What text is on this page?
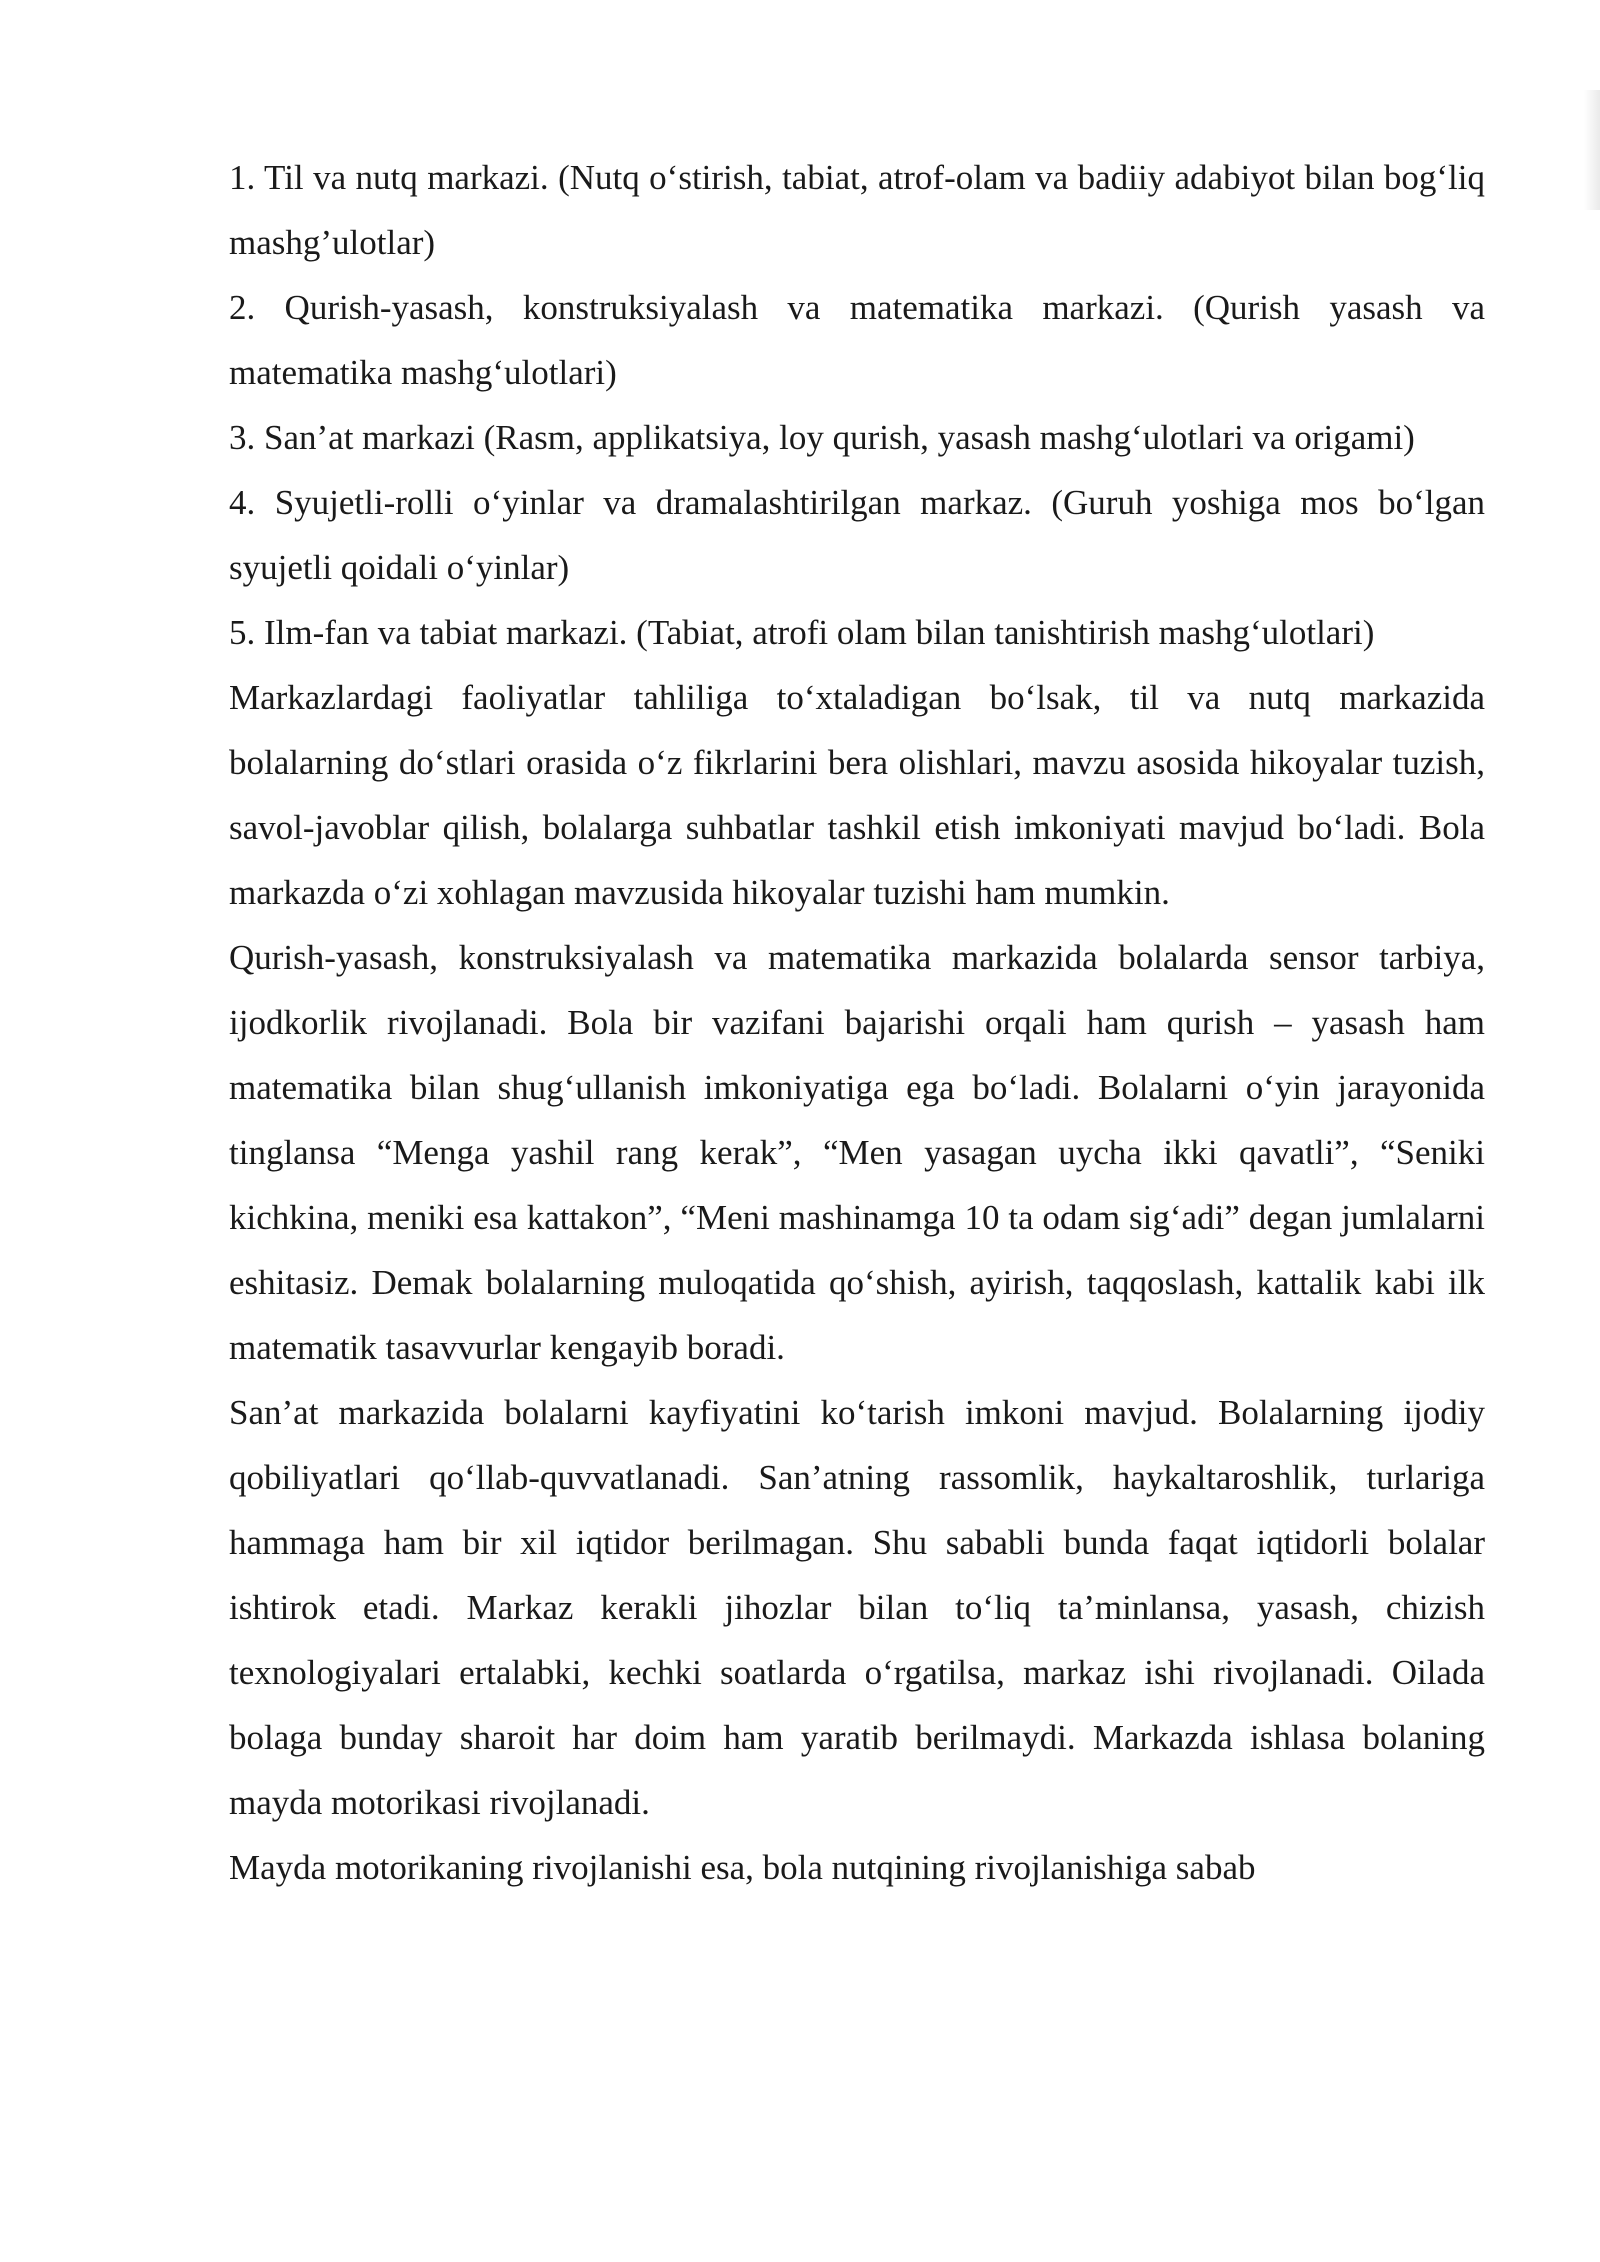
1. Til va nutq markazi. (Nutq o‘stirish, tabiat, atrof-olam va badiiy adabiyot bilan bog‘liq mashg’ulotlar)

2. Qurish-yasash, konstruksiyalash va matematika markazi. (Qurish yasash va matematika mashg‘ulotlari)

3. San’at markazi (Rasm, applikatsiya, loy qurish, yasash mashg‘ulotlari va origami)

4. Syujetli-rolli o‘yinlar va dramalashtirilgan markaz. (Guruh yoshiga mos bo‘lgan syujetli qoidali o‘yinlar)

5. Ilm-fan va tabiat markazi. (Tabiat, atrofi olam bilan tanishtirish mashg‘ulotlari)

Markazlardagi faoliyatlar tahliliga to‘xtaladigan bo‘lsak, til va nutq markazida bolalarning do‘stlari orasida o‘z fikrlarini bera olishlari, mavzu asosida hikoyalar tuzish, savol-javoblar qilish, bolalarga suhbatlar tashkil etish imkoniyati mavjud bo‘ladi. Bola markazda o‘zi xohlagan mavzusida hikoyalar tuzishi ham mumkin.

Qurish-yasash, konstruksiyalash va matematika markazida bolalarda sensor tarbiya, ijodkorlik rivojlanadi. Bola bir vazifani bajarishi orqali ham qurish – yasash ham matematika bilan shug‘ullanish imkoniyatiga ega bo‘ladi. Bolalarni o‘yin jarayonida tinglansa “Menga yashil rang kerak”, “Men yasagan uycha ikki qavatli”, “Seniki kichkina, meniki esa kattakon”, “Meni mashinamga 10 ta odam sig‘adi” degan jumlalarni eshitasiz. Demak bolalarning muloqatida qo‘shish, ayirish, taqqoslash, kattalik kabi ilk matematik tasavvurlar kengayib boradi.

San’at markazida bolalarni kayfiyatini ko‘tarish imkoni mavjud. Bolalarning ijodiy qobiliyatlari qo‘llab-quvvatlanadi. San’atning rassomlik, haykaltaroshlik, turlariga hammaga ham bir xil iqtidor berilmagan. Shu sababli bunda faqat iqtidorli bolalar ishtirok etadi. Markaz kerakli jihozlar bilan to‘liq ta’minlansa, yasash, chizish texnologiyalari ertalabki, kechki soatlarda o‘rgatilsa, markaz ishi rivojlanadi. Oilada bolaga bunday sharoit har doim ham yaratib berilmaydi. Markazda ishlasa bolaning mayda motorikasi rivojlanadi.

Mayda motorikaning rivojlanishi esa, bola nutqining rivojlanishiga sabab
